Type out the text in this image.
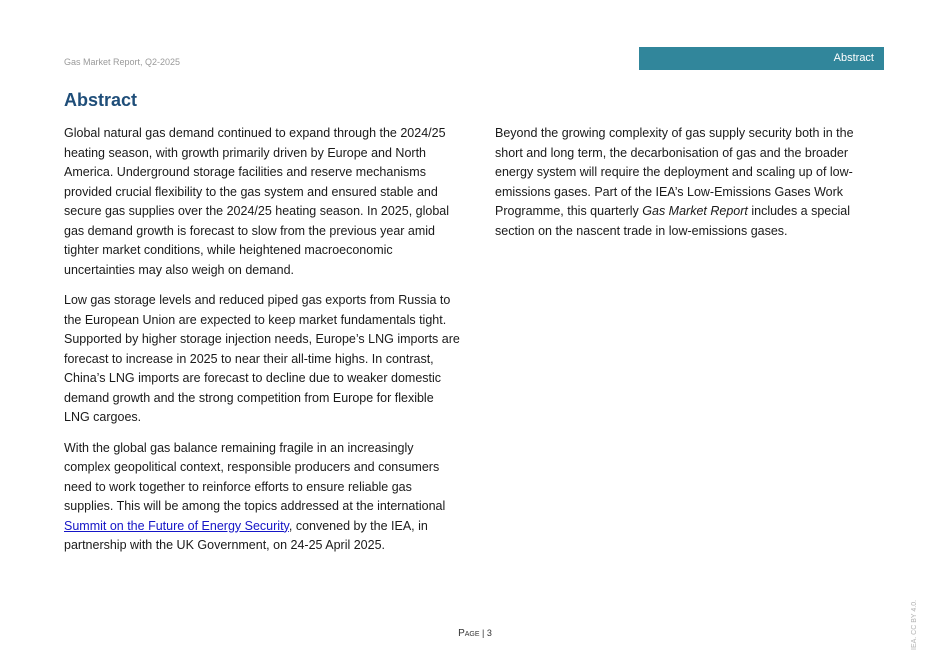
Gas Market Report, Q2-2025	Abstract
Abstract

Global natural gas demand continued to expand through the 2024/25 heating season, with growth primarily driven by Europe and North America. Underground storage facilities and reserve mechanisms provided crucial flexibility to the gas system and ensured stable and secure gas supplies over the 2024/25 heating season. In 2025, global gas demand growth is forecast to slow from the previous year amid tighter market conditions, while heightened macroeconomic uncertainties may also weigh on demand.

Low gas storage levels and reduced piped gas exports from Russia to the European Union are expected to keep market fundamentals tight. Supported by higher storage injection needs, Europe’s LNG imports are forecast to increase in 2025 to near their all-time highs. In contrast, China’s LNG imports are forecast to decline due to weaker domestic demand growth and the strong competition from Europe for flexible LNG cargoes.

With the global gas balance remaining fragile in an increasingly complex geopolitical context, responsible producers and consumers need to work together to reinforce efforts to ensure reliable gas supplies. This will be among the topics addressed at the international Summit on the Future of Energy Security, convened by the IEA, in partnership with the UK Government, on 24-25 April 2025.

Beyond the growing complexity of gas supply security both in the short and long term, the decarbonisation of gas and the broader energy system will require the deployment and scaling up of low-emissions gases. Part of the IEA’s Low-Emissions Gases Work Programme, this quarterly Gas Market Report includes a special section on the nascent trade in low-emissions gases.

Page | 3	IEA. CC BY 4.0.
